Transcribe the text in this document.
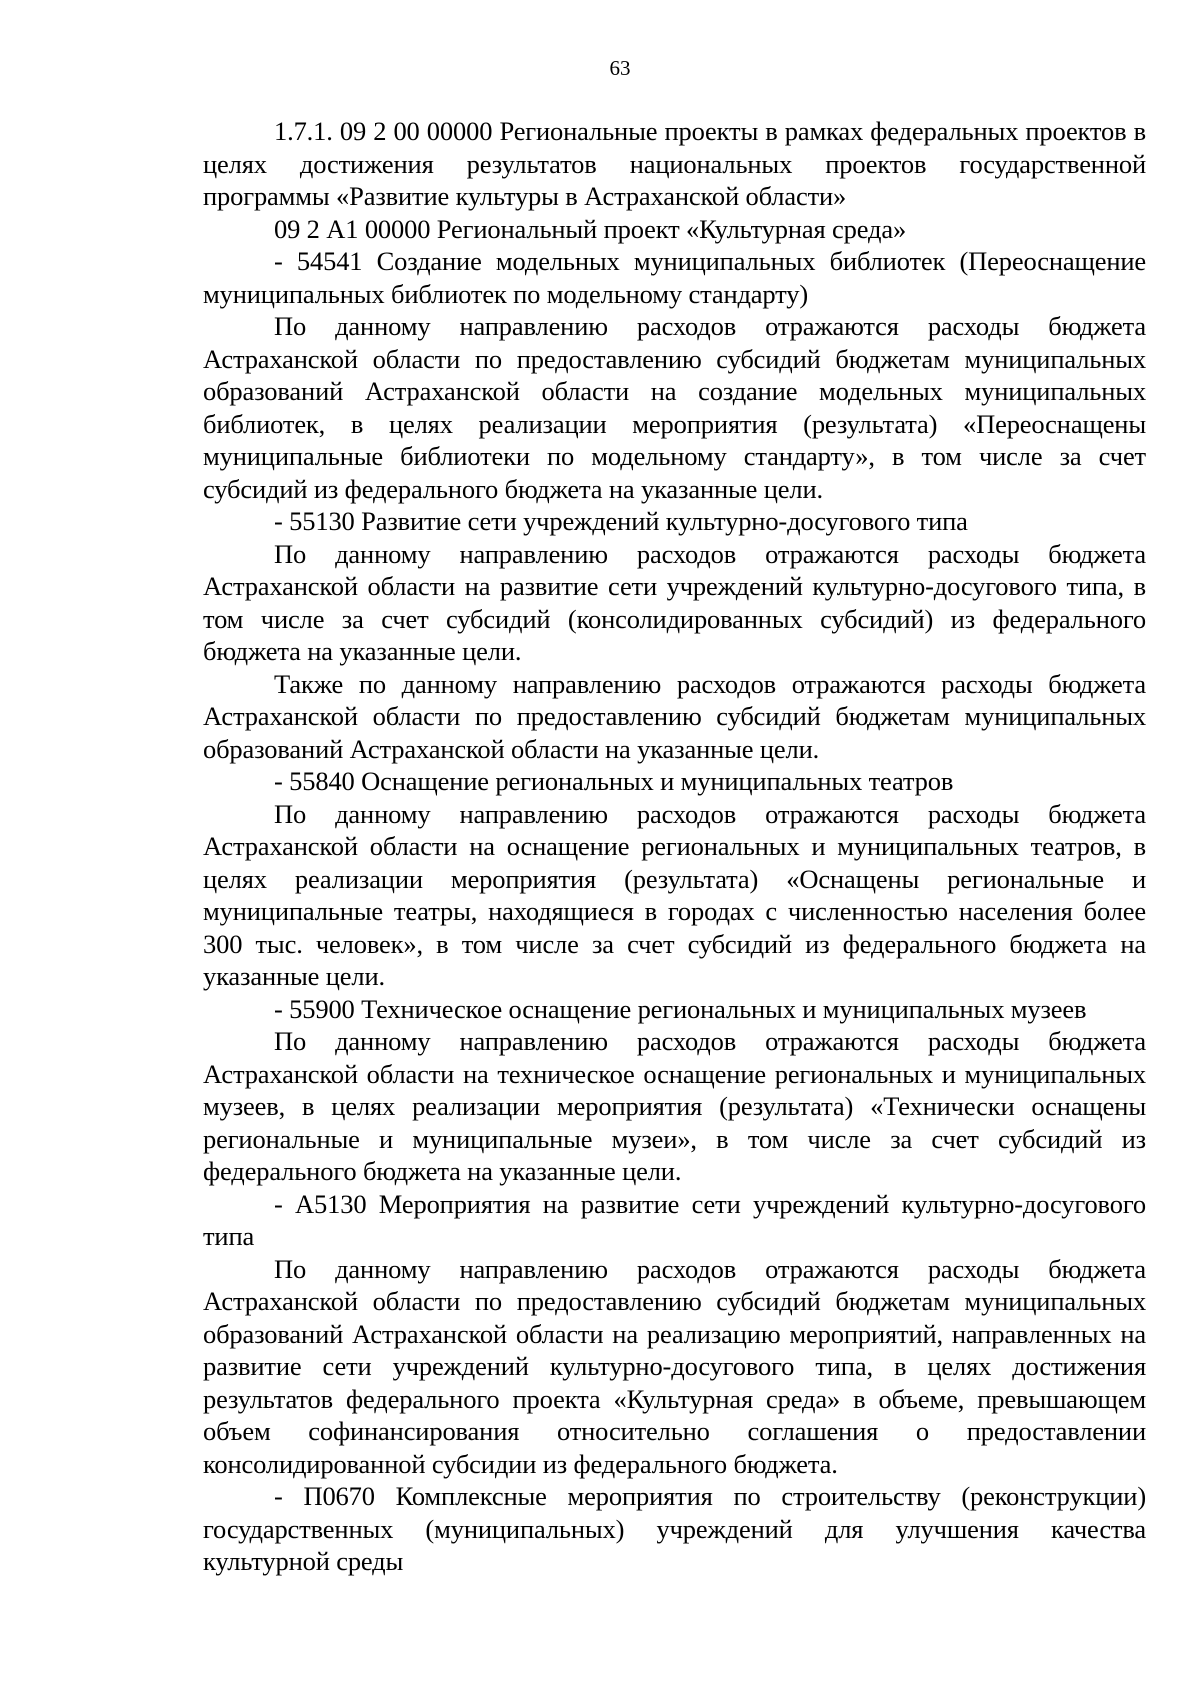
63

1.7.1. 09 2 00 00000 Региональные проекты в рамках федеральных проектов в целях достижения результатов национальных проектов государственной программы «Развитие культуры в Астраханской области»

09 2 А1 00000 Региональный проект «Культурная среда»

- 54541 Создание модельных муниципальных библиотек (Переоснащение муниципальных библиотек по модельному стандарту)

По данному направлению расходов отражаются расходы бюджета Астраханской области по предоставлению субсидий бюджетам муниципальных образований Астраханской области на создание модельных муниципальных библиотек, в целях реализации мероприятия (результата) «Переоснащены муниципальные библиотеки по модельному стандарту», в том числе за счет субсидий из федерального бюджета на указанные цели.

- 55130 Развитие сети учреждений культурно-досугового типа

По данному направлению расходов отражаются расходы бюджета Астраханской области на развитие сети учреждений культурно-досугового типа, в том числе за счет субсидий (консолидированных субсидий) из федерального бюджета на указанные цели.

Также по данному направлению расходов отражаются расходы бюджета Астраханской области по предоставлению субсидий бюджетам муниципальных образований Астраханской области на указанные цели.

- 55840 Оснащение региональных и муниципальных театров

По данному направлению расходов отражаются расходы бюджета Астраханской области на оснащение региональных и муниципальных театров, в целях реализации мероприятия (результата) «Оснащены региональные и муниципальные театры, находящиеся в городах с численностью населения более 300 тыс. человек», в том числе за счет субсидий из федерального бюджета на указанные цели.

- 55900 Техническое оснащение региональных и муниципальных музеев

По данному направлению расходов отражаются расходы бюджета Астраханской области на техническое оснащение региональных и муниципальных музеев, в целях реализации мероприятия (результата) «Технически оснащены региональные и муниципальные музеи», в том числе за счет субсидий из федерального бюджета на указанные цели.

- А5130 Мероприятия на развитие сети учреждений культурно-досугового типа

По данному направлению расходов отражаются расходы бюджета Астраханской области по предоставлению субсидий бюджетам муниципальных образований Астраханской области на реализацию мероприятий, направленных на развитие сети учреждений культурно-досугового типа, в целях достижения результатов федерального проекта «Культурная среда» в объеме, превышающем объем софинансирования относительно соглашения о предоставлении консолидированной субсидии из федерального бюджета.

- П0670 Комплексные мероприятия по строительству (реконструкции) государственных (муниципальных) учреждений для улучшения качества культурной среды
